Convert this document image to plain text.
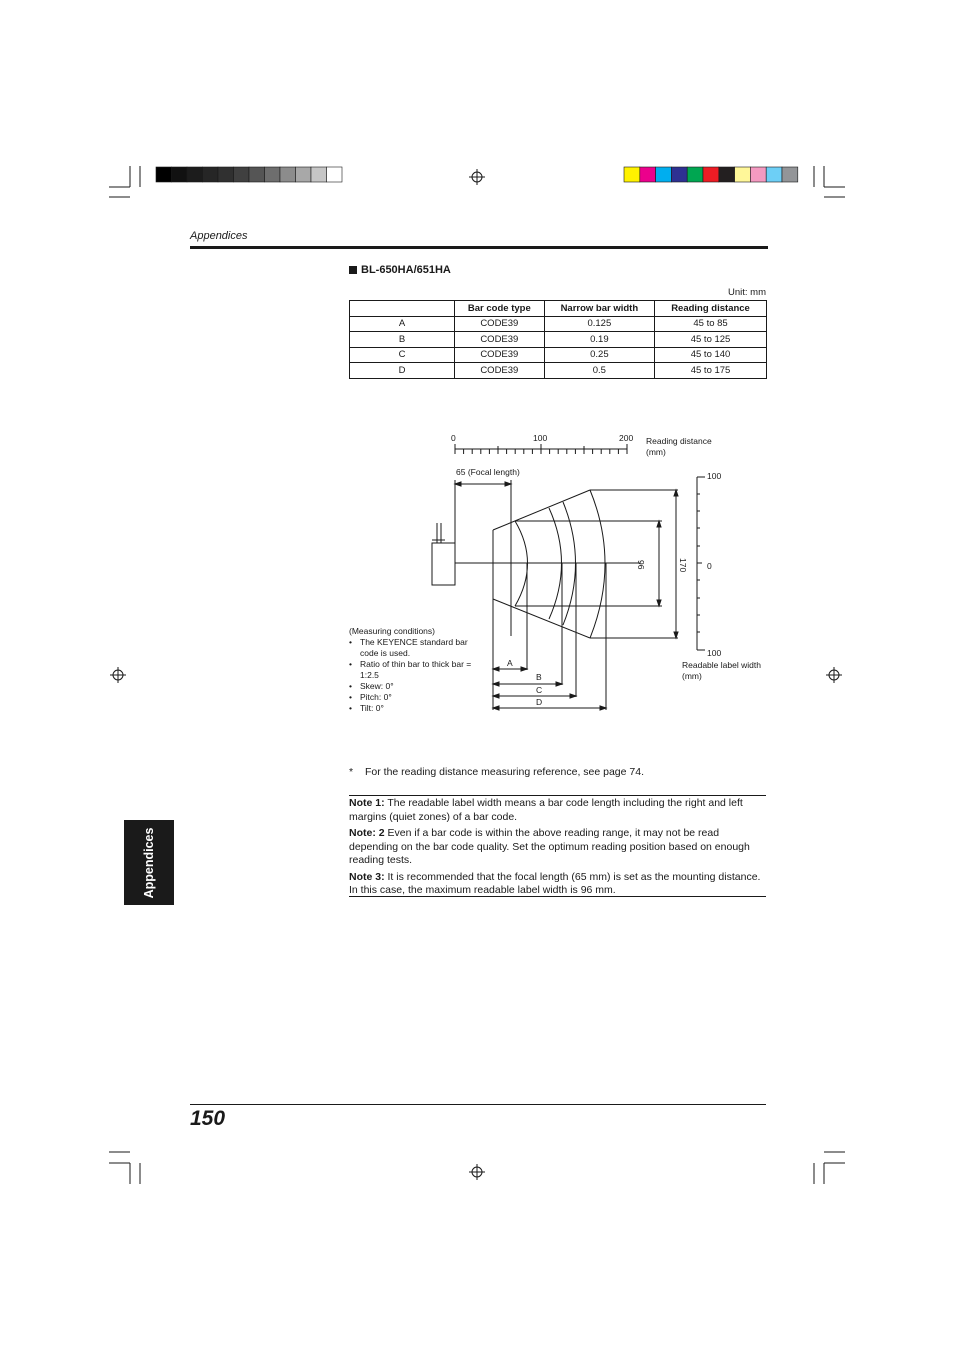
Appendices
BL-650HA/651HA
Unit: mm
	Bar code type	Narrow bar width	Reading distance
A	CODE39	0.125	45 to 85
B	CODE39	0.19	45 to 125
C	CODE39	0.25	45 to 140
D	CODE39	0.5	45 to 175
0	100	200 Reading distance
(mm)
65 (Focal length)
96	170
100
0
100
Readable label width
(mm)
A
B
C
D
(Measuring conditions)
• The KEYENCE standard bar code is used.
• Ratio of thin bar to thick bar = 1:2.5
• Skew: 0°
• Pitch: 0°
• Tilt: 0°
* For the reading distance measuring reference, see page 74.

Note 1: The readable label width means a bar code length including the right and left margins (quiet zones) of a bar code.

Note: 2 Even if a bar code is within the above reading range, it may not be read depending on the bar code quality. Set the optimum reading position based on enough reading tests.

Note 3: It is recommended that the focal length (65 mm) is set as the mounting distance. In this case, the maximum readable label width is 96 mm.

Appendices
150
